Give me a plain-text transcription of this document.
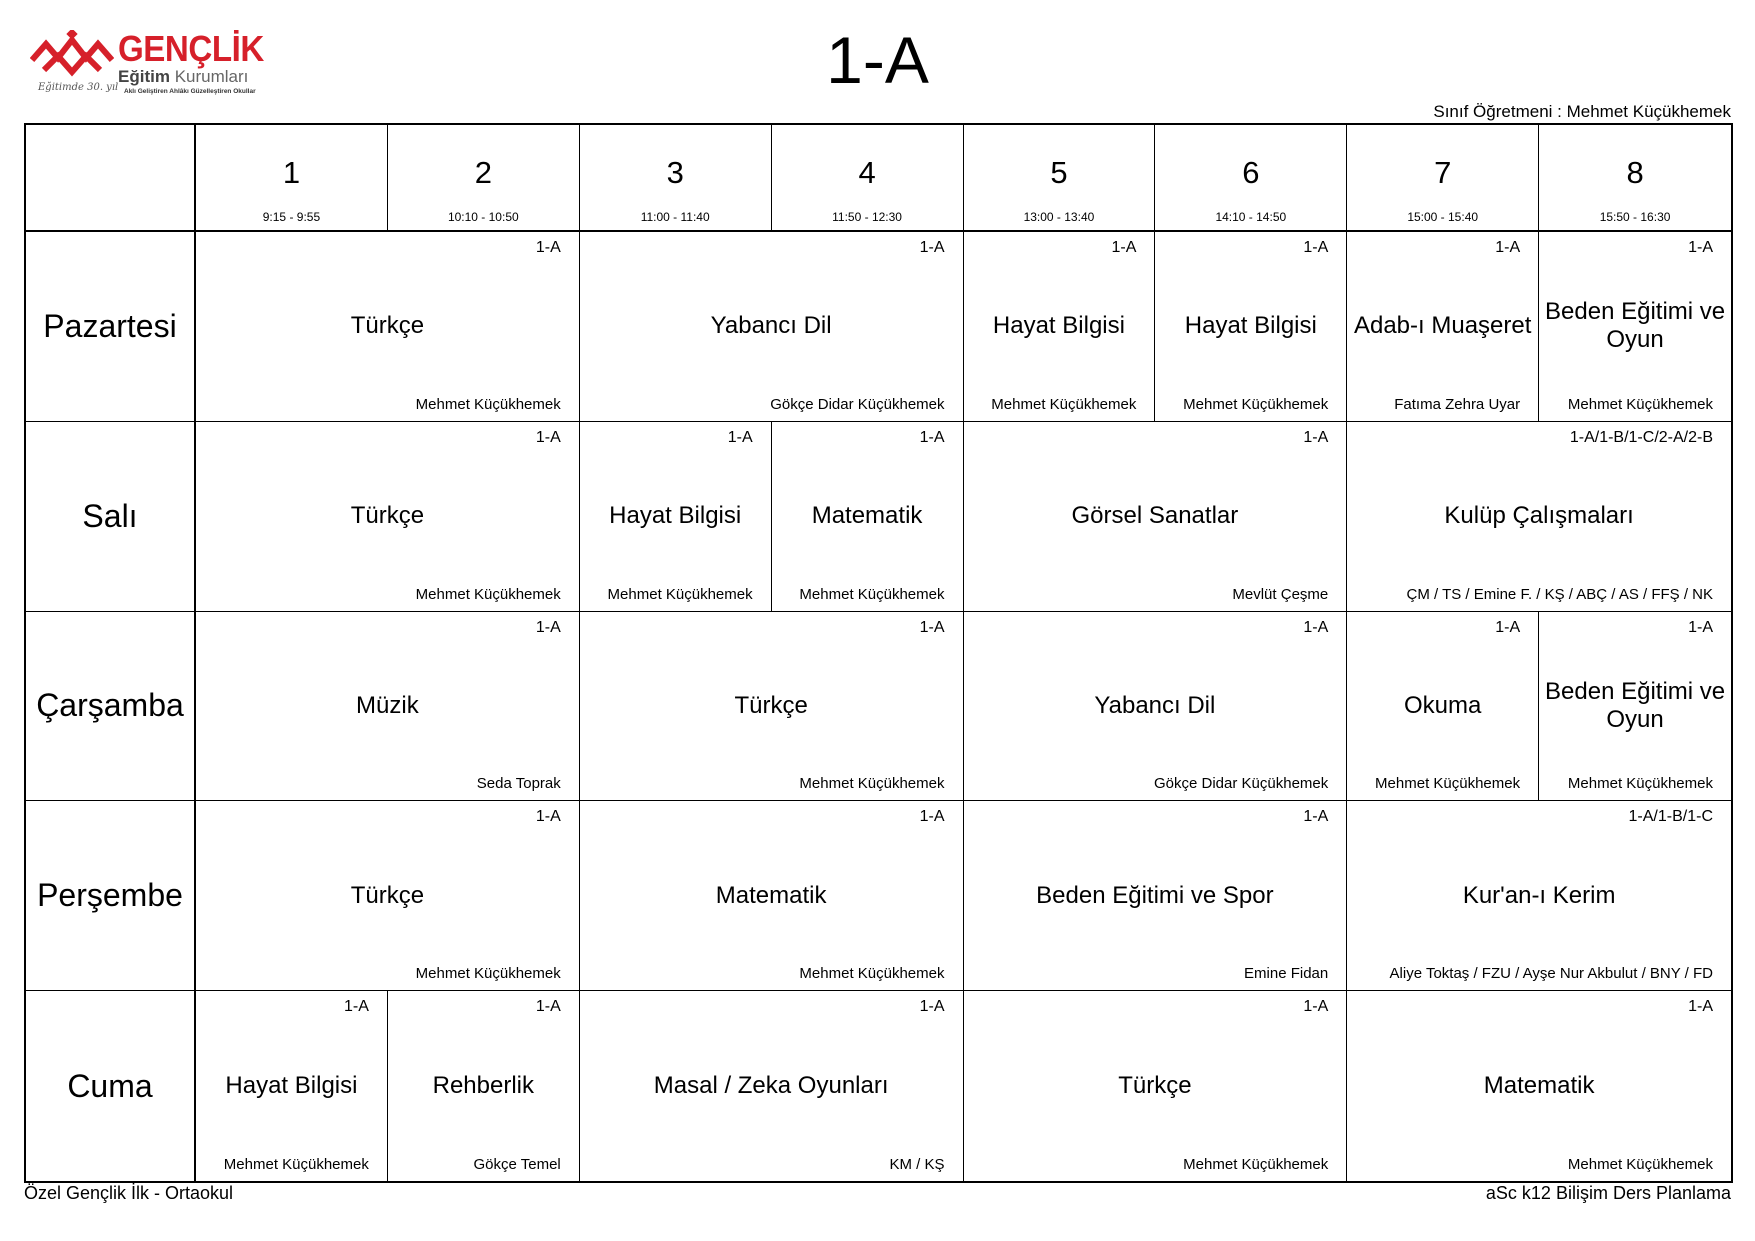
GENÇLİK
Eğitim Kurumları
Aklı Geliştiren Ahlâkı Güzelleştiren Okullar
Eğitimde 30. yıl	1-A
Sınıf Öğretmeni : Mehmet Küçükhemek
1
9:15 - 9:55
2
10:10 - 10:50
3
11:00 - 11:40
4
11:50 - 12:30
5
13:00 - 13:40
6
14:10 - 14:50
7
15:00 - 15:40
8
15:50 - 16:30
Pazartesi
1-A
Türkçe
Mehmet Küçükhemek
1-A
Yabancı Dil
Gökçe Didar Küçükhemek
1-A
Hayat Bilgisi
Mehmet Küçükhemek
1-A
Hayat Bilgisi
Mehmet Küçükhemek
1-A
Adab-ı Muaşeret
Fatıma Zehra Uyar
1-A
Beden Eğitimi ve Oyun
Mehmet Küçükhemek
Salı
1-A
Türkçe
Mehmet Küçükhemek
1-A
Hayat Bilgisi
Mehmet Küçükhemek
1-A
Matematik
Mehmet Küçükhemek
1-A
Görsel Sanatlar
Mevlüt Çeşme
1-A/1-B/1-C/2-A/2-B
Kulüp Çalışmaları
ÇM / TS / Emine F. / KŞ / ABÇ / AS / FFŞ / NK
Çarşamba
1-A
Müzik
Seda Toprak
1-A
Türkçe
Mehmet Küçükhemek
1-A
Yabancı Dil
Gökçe Didar Küçükhemek
1-A
Okuma
Mehmet Küçükhemek
1-A
Beden Eğitimi ve Oyun
Mehmet Küçükhemek
Perşembe
1-A
Türkçe
Mehmet Küçükhemek
1-A
Matematik
Mehmet Küçükhemek
1-A
Beden Eğitimi ve Spor
Emine Fidan
1-A/1-B/1-C
Kur'an-ı Kerim
Aliye Toktaş / FZU / Ayşe Nur Akbulut / BNY / FD
Cuma
1-A
Hayat Bilgisi
Mehmet Küçükhemek
1-A
Rehberlik
Gökçe Temel
1-A
Masal / Zeka Oyunları
KM / KŞ
1-A
Türkçe
Mehmet Küçükhemek
1-A
Matematik
Mehmet Küçükhemek
Özel Gençlik İlk - Ortaokul	aSc k12 Bilişim Ders Planlama
